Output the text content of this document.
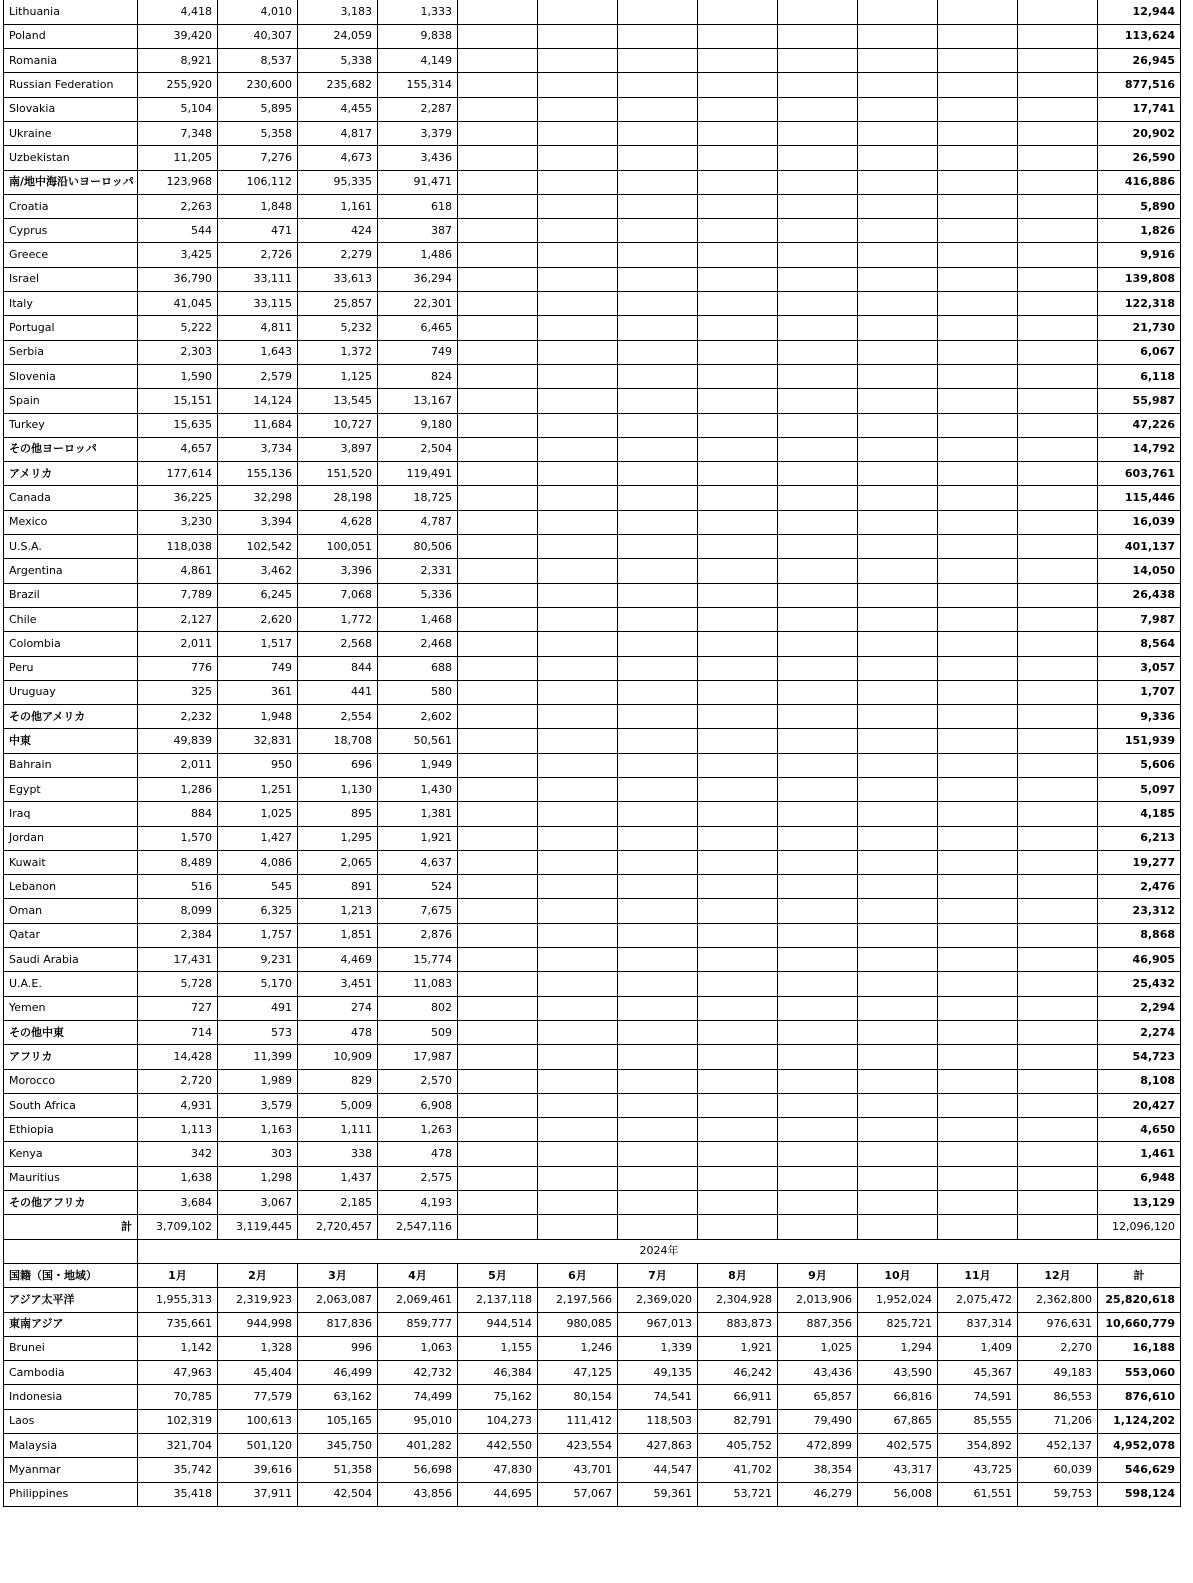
Lithuania	4,418	4,010	3,183	1,333									12,944
Poland	39,420	40,307	24,059	9,838									113,624
Romania	8,921	8,537	5,338	4,149									26,945
Russian Federation	255,920	230,600	235,682	155,314									877,516
Slovakia	5,104	5,895	4,455	2,287									17,741
Ukraine	7,348	5,358	4,817	3,379									20,902
Uzbekistan	11,205	7,276	4,673	3,436									26,590
南/地中海沿いヨーロッパ	123,968	106,112	95,335	91,471									416,886
Croatia	2,263	1,848	1,161	618									5,890
Cyprus	544	471	424	387									1,826
Greece	3,425	2,726	2,279	1,486									9,916
Israel	36,790	33,111	33,613	36,294									139,808
Italy	41,045	33,115	25,857	22,301									122,318
Portugal	5,222	4,811	5,232	6,465									21,730
Serbia	2,303	1,643	1,372	749									6,067
Slovenia	1,590	2,579	1,125	824									6,118
Spain	15,151	14,124	13,545	13,167									55,987
Turkey	15,635	11,684	10,727	9,180									47,226
その他ヨーロッパ	4,657	3,734	3,897	2,504									14,792
アメリカ	177,614	155,136	151,520	119,491									603,761
Canada	36,225	32,298	28,198	18,725									115,446
Mexico	3,230	3,394	4,628	4,787									16,039
U.S.A.	118,038	102,542	100,051	80,506									401,137
Argentina	4,861	3,462	3,396	2,331									14,050
Brazil	7,789	6,245	7,068	5,336									26,438
Chile	2,127	2,620	1,772	1,468									7,987
Colombia	2,011	1,517	2,568	2,468									8,564
Peru	776	749	844	688									3,057
Uruguay	325	361	441	580									1,707
その他アメリカ	2,232	1,948	2,554	2,602									9,336
中東	49,839	32,831	18,708	50,561									151,939
Bahrain	2,011	950	696	1,949									5,606
Egypt	1,286	1,251	1,130	1,430									5,097
Iraq	884	1,025	895	1,381									4,185
Jordan	1,570	1,427	1,295	1,921									6,213
Kuwait	8,489	4,086	2,065	4,637									19,277
Lebanon	516	545	891	524									2,476
Oman	8,099	6,325	1,213	7,675									23,312
Qatar	2,384	1,757	1,851	2,876									8,868
Saudi Arabia	17,431	9,231	4,469	15,774									46,905
U.A.E.	5,728	5,170	3,451	11,083									25,432
Yemen	727	491	274	802									2,294
その他中東	714	573	478	509									2,274
アフリカ	14,428	11,399	10,909	17,987									54,723
Morocco	2,720	1,989	829	2,570									8,108
South Africa	4,931	3,579	5,009	6,908									20,427
Ethiopia	1,113	1,163	1,111	1,263									4,650
Kenya	342	303	338	478									1,461
Mauritius	1,638	1,298	1,437	2,575									6,948
その他アフリカ	3,684	3,067	2,185	4,193									13,129
計	3,709,102	3,119,445	2,720,457	2,547,116									12,096,120
	2024年												
国籍（国・地域）	1月	2月	3月	4月	5月	6月	7月	8月	9月	10月	11月	12月	計
アジア太平洋	1,955,313	2,319,923	2,063,087	2,069,461	2,137,118	2,197,566	2,369,020	2,304,928	2,013,906	1,952,024	2,075,472	2,362,800	25,820,618
東南アジア	735,661	944,998	817,836	859,777	944,514	980,085	967,013	883,873	887,356	825,721	837,314	976,631	10,660,779
Brunei	1,142	1,328	996	1,063	1,155	1,246	1,339	1,921	1,025	1,294	1,409	2,270	16,188
Cambodia	47,963	45,404	46,499	42,732	46,384	47,125	49,135	46,242	43,436	43,590	45,367	49,183	553,060
Indonesia	70,785	77,579	63,162	74,499	75,162	80,154	74,541	66,911	65,857	66,816	74,591	86,553	876,610
Laos	102,319	100,613	105,165	95,010	104,273	111,412	118,503	82,791	79,490	67,865	85,555	71,206	1,124,202
Malaysia	321,704	501,120	345,750	401,282	442,550	423,554	427,863	405,752	472,899	402,575	354,892	452,137	4,952,078
Myanmar	35,742	39,616	51,358	56,698	47,830	43,701	44,547	41,702	38,354	43,317	43,725	60,039	546,629
Philippines	35,418	37,911	42,504	43,856	44,695	57,067	59,361	53,721	46,279	56,008	61,551	59,753	598,124
